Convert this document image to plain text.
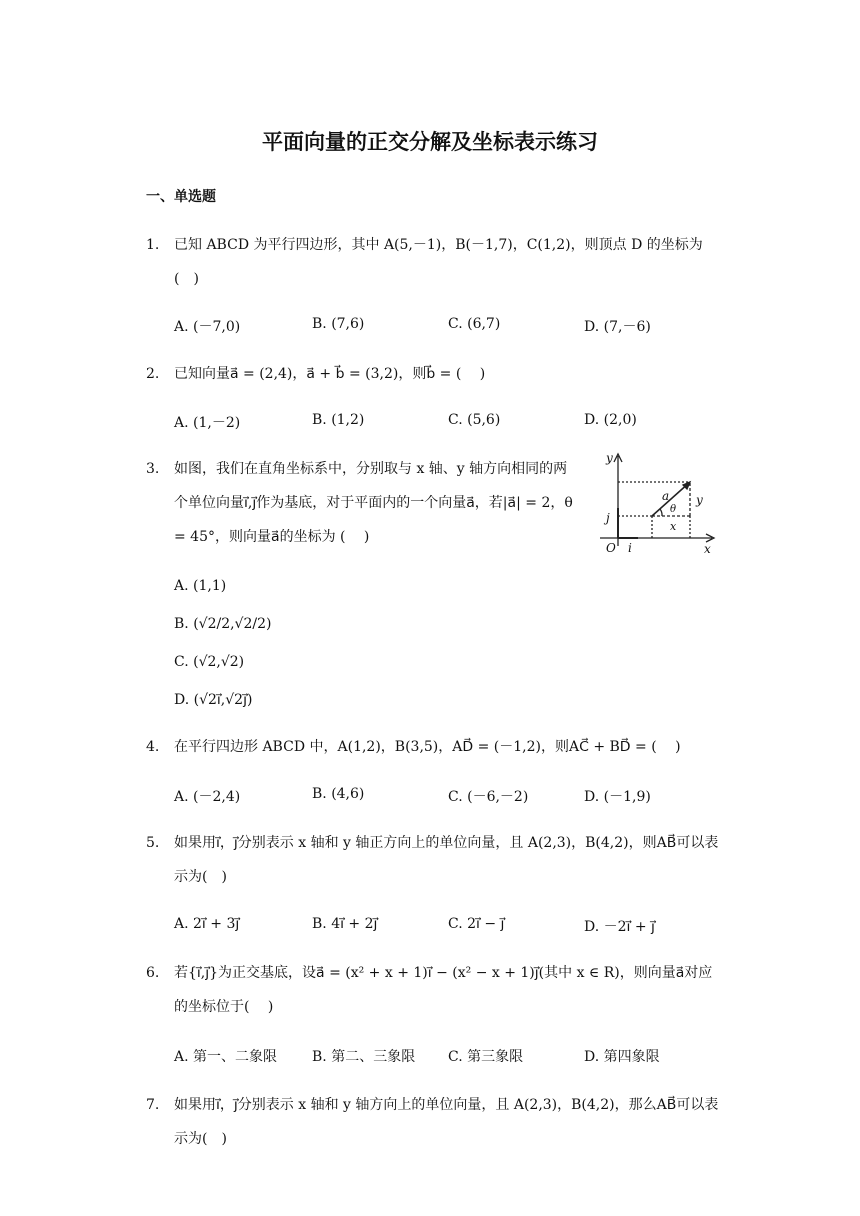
平面向量的正交分解及坐标表示练习
一、单选题
1. 已知 ABCD 为平行四边形，其中 A(5,－1)，B(－1,7)，C(1,2)，则顶点 D 的坐标为(　)
A. (－7,0)	B. (7,6)	C. (6,7)	D. (7,－6)
2. 已知向量a⃗ = (2,4)，a⃗ + b⃗ = (3,2)，则b⃗ = (　 )
A. (1,－2)	B. (1,2)	C. (5,6)	D. (2,0)
3. 如图，我们在直角坐标系中，分别取与 x 轴、y 轴方向相同的两个单位向量i⃗,j⃗作为基底，对于平面内的一个向量a⃗，若|a⃗| = 2，θ = 45°，则向量a⃗的坐标为 (　 )
y
x
O i
j
a
θ
x
y
A. (1,1)
B. (√2/2,√2/2)
C. (√2,√2)
D. (√2i⃗,√2j⃗)
4. 在平行四边形 ABCD 中，A(1,2)，B(3,5)，AD⃗ = (－1,2)，则AC⃗ + BD⃗ = (　 )
A. (－2,4)	B. (4,6)	C. (－6,－2)	D. (－1,9)
5. 如果用i⃗，j⃗分别表示 x 轴和 y 轴正方向上的单位向量，且 A(2,3)，B(4,2)，则AB⃗可以表示为(　)
A. 2i⃗ + 3j⃗	B. 4i⃗ + 2j⃗	C. 2i⃗ − j⃗	D. －2i⃗ + j⃗
6. 若{i⃗,j⃗}为正交基底，设a⃗ = (x² + x + 1)i⃗ − (x² − x + 1)j⃗(其中 x ∈ R)，则向量a⃗对应的坐标位于(　 )
A. 第一、二象限 B. 第二、三象限 C. 第三象限	D. 第四象限
7. 如果用i⃗，j⃗分别表示 x 轴和 y 轴方向上的单位向量，且 A(2,3)，B(4,2)，那么AB⃗可以表示为(　)
